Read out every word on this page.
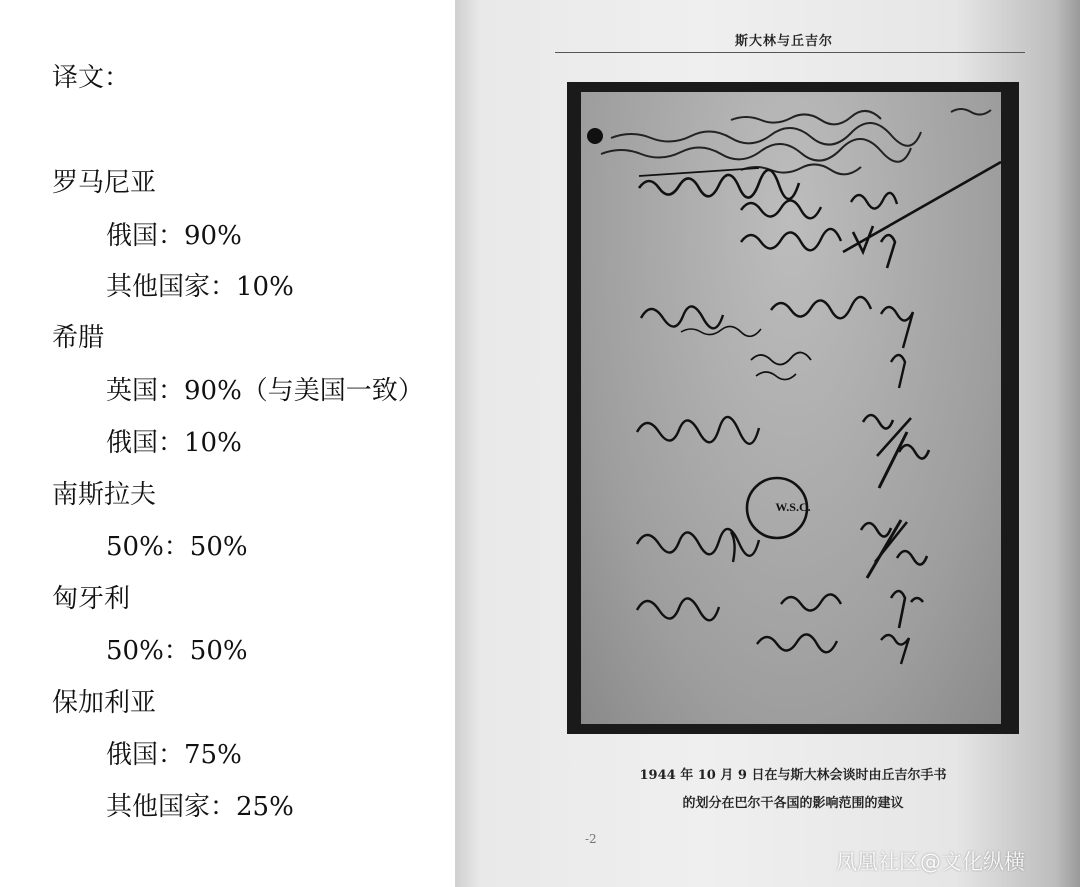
译文：
罗马尼亚
俄国：90%
其他国家：10%
希腊
英国：90%（与美国一致）
俄国：10%
南斯拉夫
50%：50%
匈牙利
50%：50%
保加利亚
俄国：75%
其他国家：25%
斯大林与丘吉尔
W.S.C.
1944 年 10 月 9 日在与斯大林会谈时由丘吉尔手书
的划分在巴尔干各国的影响范围的建议
-2
凤凰社区@文化纵横
